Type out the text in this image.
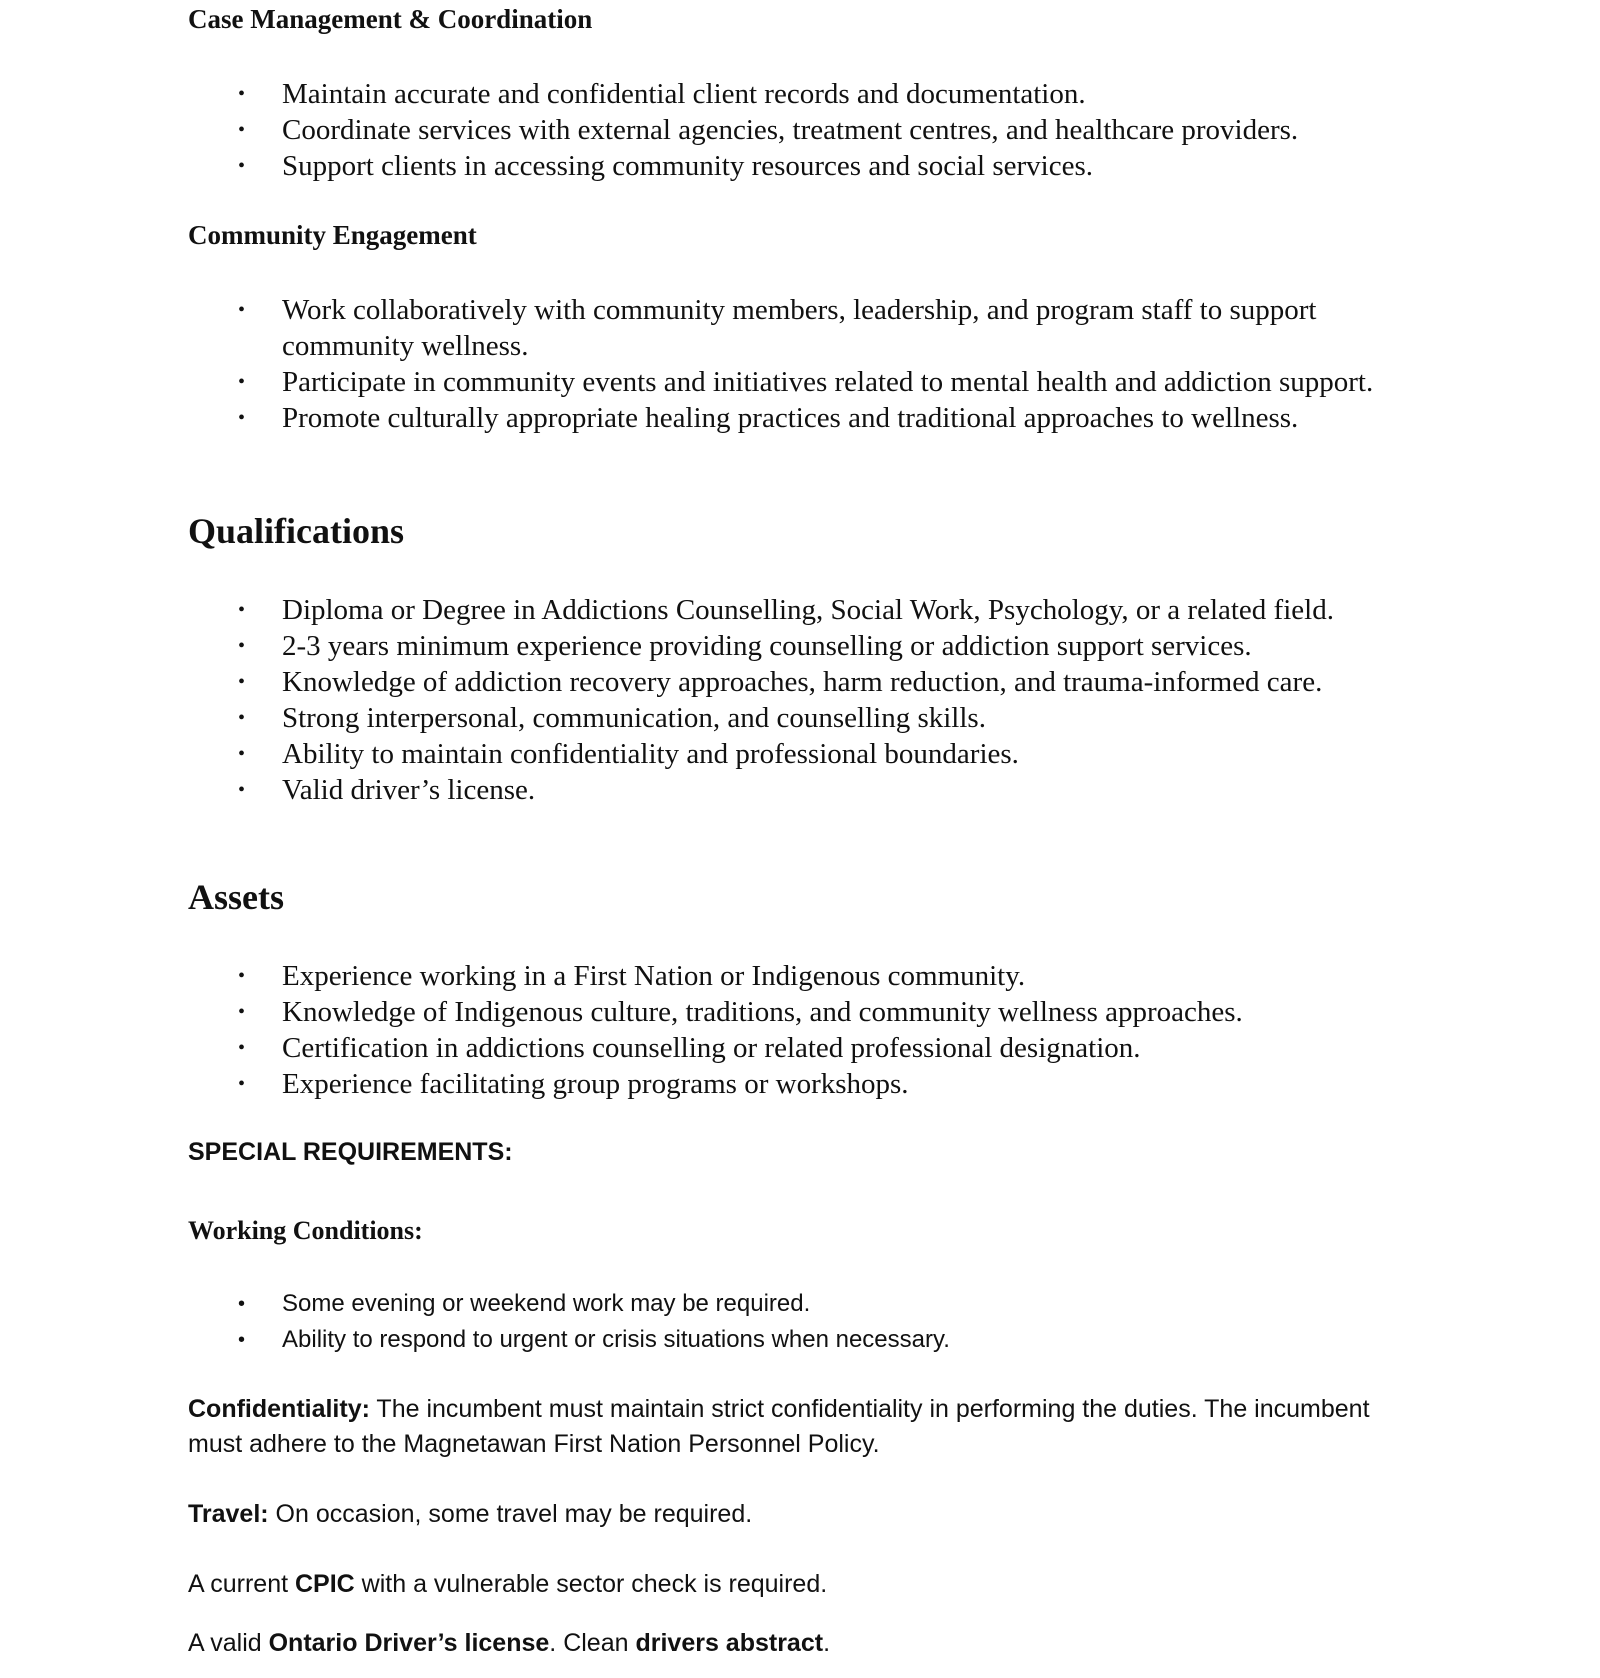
Case Management & Coordination
• Maintain accurate and confidential client records and documentation.
• Coordinate services with external agencies, treatment centres, and healthcare providers.
• Support clients in accessing community resources and social services.
Community Engagement
• Work collaboratively with community members, leadership, and program staff to support community wellness.
• Participate in community events and initiatives related to mental health and addiction support.
• Promote culturally appropriate healing practices and traditional approaches to wellness.
Qualifications
• Diploma or Degree in Addictions Counselling, Social Work, Psychology, or a related field.
• 2-3 years minimum experience providing counselling or addiction support services.
• Knowledge of addiction recovery approaches, harm reduction, and trauma-informed care.
• Strong interpersonal, communication, and counselling skills.
• Ability to maintain confidentiality and professional boundaries.
• Valid driver’s license.
Assets
• Experience working in a First Nation or Indigenous community.
• Knowledge of Indigenous culture, traditions, and community wellness approaches.
• Certification in addictions counselling or related professional designation.
• Experience facilitating group programs or workshops.

SPECIAL REQUIREMENTS:

Working Conditions:
• Some evening or weekend work may be required.
• Ability to respond to urgent or crisis situations when necessary.

Confidentiality: The incumbent must maintain strict confidentiality in performing the duties. The incumbent must adhere to the Magnetawan First Nation Personnel Policy.

Travel: On occasion, some travel may be required.

A current CPIC with a vulnerable sector check is required.

A valid Ontario Driver’s license. Clean drivers abstract.
